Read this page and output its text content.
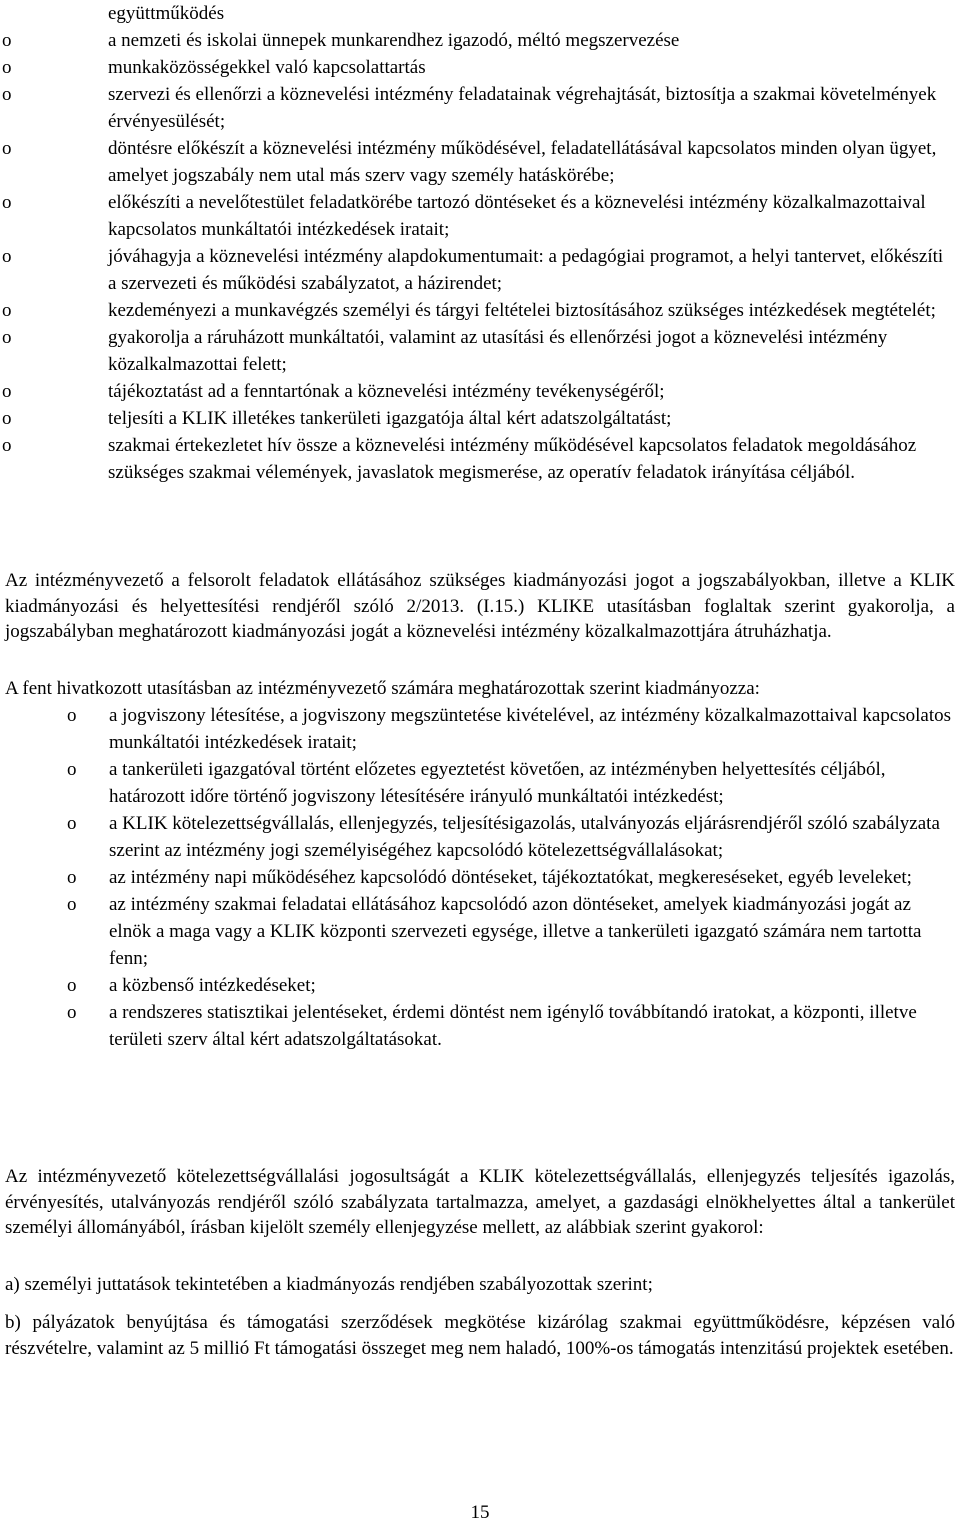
együttműködés
o	a nemzeti és iskolai ünnepek munkarendhez igazodó, méltó megszervezése
o	munkaközösségekkel való kapcsolattartás
o	szervezi és ellenőrzi a köznevelési intézmény feladatainak végrehajtását, biztosítja a szakmai követelmények érvényesülését;
o	döntésre előkészít a köznevelési intézmény működésével, feladatellátásával kapcsolatos minden olyan ügyet, amelyet jogszabály nem utal más szerv vagy személy hatáskörébe;
o	előkészíti a nevelőtestület feladatkörébe tartozó döntéseket és a köznevelési intézmény közalkalmazottaival kapcsolatos munkáltatói intézkedések iratait;
o	jóváhagyja a köznevelési intézmény alapdokumentumait: a pedagógiai programot, a helyi tantervet, előkészíti a szervezeti és működési szabályzatot, a házirendet;
o	kezdeményezi a munkavégzés személyi és tárgyi feltételei biztosításához szükséges intézkedések megtételét;
o	gyakorolja a ráruházott munkáltatói, valamint az utasítási és ellenőrzési jogot a köznevelési intézmény közalkalmazottai felett;
o	tájékoztatást ad a fenntartónak a köznevelési intézmény tevékenységéről;
o	teljesíti a KLIK illetékes tankerületi igazgatója által kért adatszolgáltatást;
o	szakmai értekezletet hív össze a köznevelési intézmény működésével kapcsolatos feladatok megoldásához szükséges szakmai vélemények, javaslatok megismerése, az operatív feladatok irányítása céljából.

Az intézményvezető a felsorolt feladatok ellátásához szükséges kiadmányozási jogot a jogszabályokban, illetve a KLIK kiadmányozási és helyettesítési rendjéről szóló 2/2013. (I.15.) KLIKE utasításban foglaltak szerint gyakorolja, a jogszabályban meghatározott kiadmányozási jogát a köznevelési intézmény közalkalmazottjára átruházhatja.

A fent hivatkozott utasításban az intézményvezető számára meghatározottak szerint kiadmányozza:

o a jogviszony létesítése, a jogviszony megszüntetése kivételével, az intézmény közalkalmazottaival kapcsolatos munkáltatói intézkedések iratait;
o a tankerületi igazgatóval történt előzetes egyeztetést követően, az intézményben helyettesítés céljából, határozott időre történő jogviszony létesítésére irányuló munkáltatói intézkedést;
o a KLIK kötelezettségvállalás, ellenjegyzés, teljesítésigazolás, utalványozás eljárásrendjéről szóló szabályzata szerint az intézmény jogi személyiségéhez kapcsolódó kötelezettségvállalásokat;
o az intézmény napi működéséhez kapcsolódó döntéseket, tájékoztatókat, megkereséseket, egyéb leveleket;
o az intézmény szakmai feladatai ellátásához kapcsolódó azon döntéseket, amelyek kiadmányozási jogát az elnök a maga vagy a KLIK központi szervezeti egysége, illetve a tankerületi igazgató számára nem tartotta fenn;
o a közbenső intézkedéseket;
o a rendszeres statisztikai jelentéseket, érdemi döntést nem igénylő továbbítandó iratokat, a központi, illetve területi szerv által kért adatszolgáltatásokat.

Az intézményvezető kötelezettségvállalási jogosultságát a KLIK kötelezettségvállalás, ellenjegyzés teljesítés igazolás, érvényesítés, utalványozás rendjéről szóló szabályzata tartalmazza, amelyet, a gazdasági elnökhelyettes által a tankerület személyi állományából, írásban kijelölt személy ellenjegyzése mellett, az alábbiak szerint gyakorol:

a) személyi juttatások tekintetében a kiadmányozás rendjében szabályozottak szerint;

b) pályázatok benyújtása és támogatási szerződések megkötése kizárólag szakmai együttműködésre, képzésen való részvételre, valamint az 5 millió Ft támogatási összeget meg nem haladó, 100%-os támogatás intenzitású projektek esetében.

15
